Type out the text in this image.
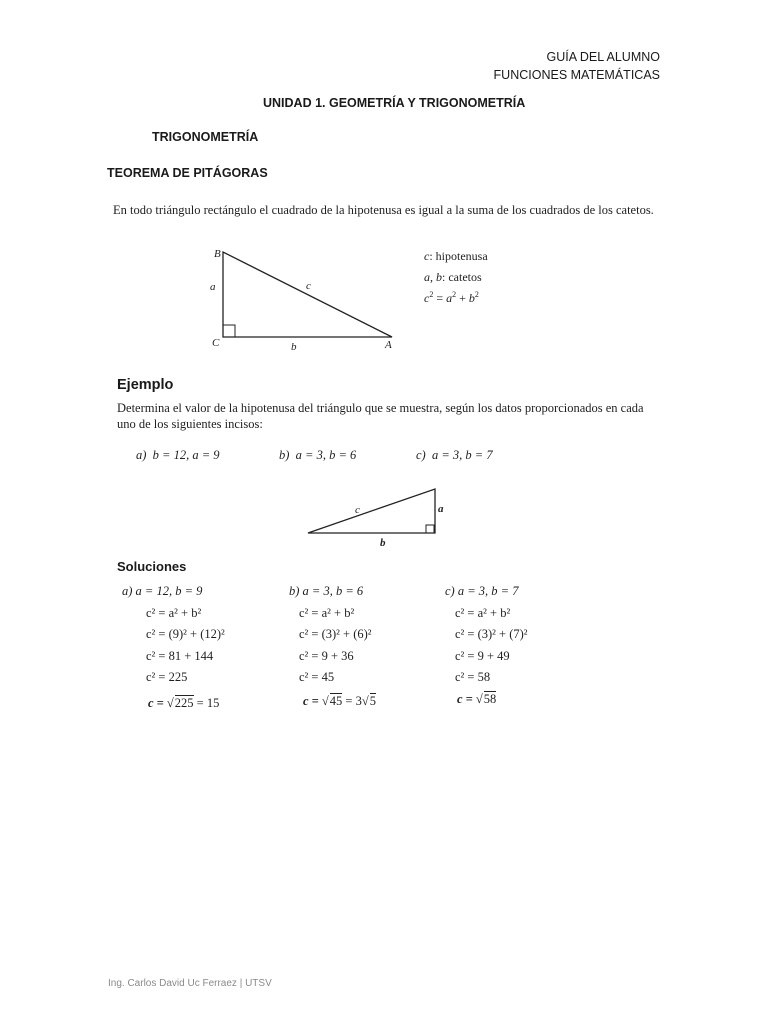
GUÍA DEL ALUMNO
FUNCIONES MATEMÁTICAS
UNIDAD 1. GEOMETRÍA Y TRIGONOMETRÍA
TRIGONOMETRÍA
TEOREMA DE PITÁGORAS
En todo triángulo rectángulo el cuadrado de la hipotenusa es igual a la suma de los cuadrados de los catetos.
B
C	A
a
b
c
c: hipotenusa
a, b: catetos
$c^2 = a^2 + b^2$
Ejemplo
Determina el valor de la hipotenusa del triángulo que se muestra, según los datos proporcionados en cada uno de los siguientes incisos:
a) b = 12, a = 9	b) a = 3, b = 6	c) a = 3, b = 7
c	a
b
Soluciones
a) a = 12, b = 9
c² = a² + b²
c² = (9)² + (12)²
c² = 81 + 144
c² = 225
c = √225 = 15
b) a = 3, b = 6
c² = a² + b²
c² = (3)² + (6)²
c² = 9 + 36
c² = 45
c = √45 = 3√5
c) a = 3, b = 7
c² = a² + b²
c² = (3)² + (7)²
c² = 9 + 49
c² = 58
c = √58
Ing. Carlos David Uc Ferraez | UTSV
